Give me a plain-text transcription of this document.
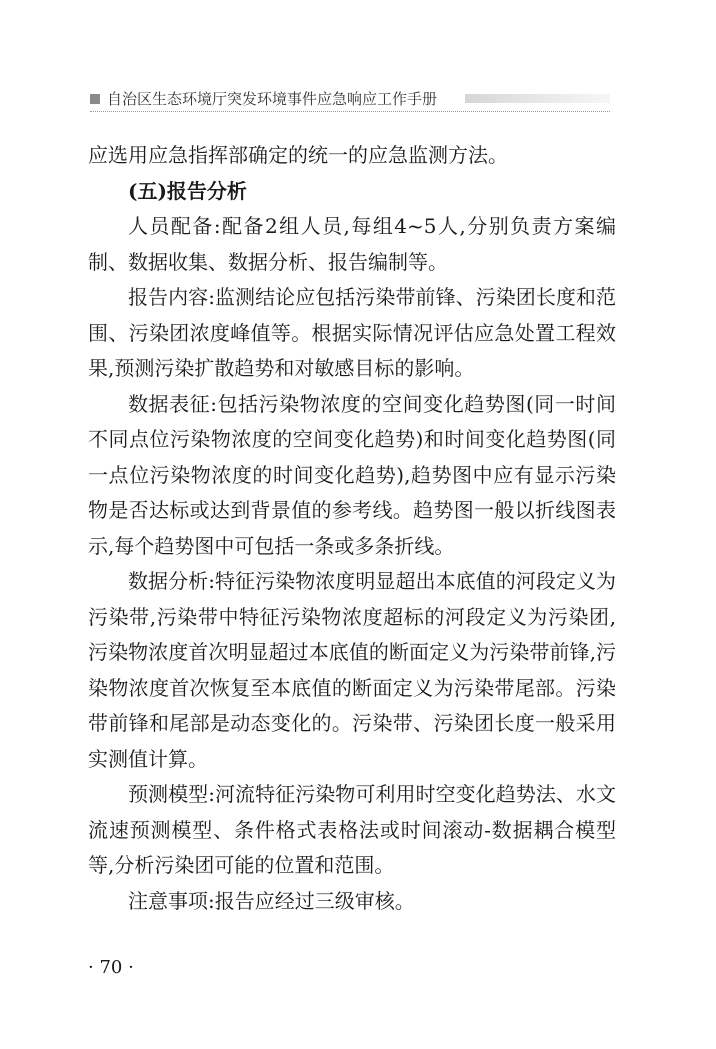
自治区生态环境厅突发环境事件应急响应工作手册

应选用应急指挥部确定的统一的应急监测方法。

(五)报告分析

人员配备:配备2组人员,每组4~5人,分别负责方案编制、数据收集、数据分析、报告编制等。

报告内容:监测结论应包括污染带前锋、污染团长度和范围、污染团浓度峰值等。根据实际情况评估应急处置工程效果,预测污染扩散趋势和对敏感目标的影响。

数据表征:包括污染物浓度的空间变化趋势图(同一时间不同点位污染物浓度的空间变化趋势)和时间变化趋势图(同一点位污染物浓度的时间变化趋势),趋势图中应有显示污染物是否达标或达到背景值的参考线。趋势图一般以折线图表示,每个趋势图中可包括一条或多条折线。

数据分析:特征污染物浓度明显超出本底值的河段定义为污染带,污染带中特征污染物浓度超标的河段定义为污染团,污染物浓度首次明显超过本底值的断面定义为污染带前锋,污染物浓度首次恢复至本底值的断面定义为污染带尾部。污染带前锋和尾部是动态变化的。污染带、污染团长度一般采用实测值计算。

预测模型:河流特征污染物可利用时空变化趋势法、水文流速预测模型、条件格式表格法或时间滚动-数据耦合模型等,分析污染团可能的位置和范围。

注意事项:报告应经过三级审核。

· 70 ·
